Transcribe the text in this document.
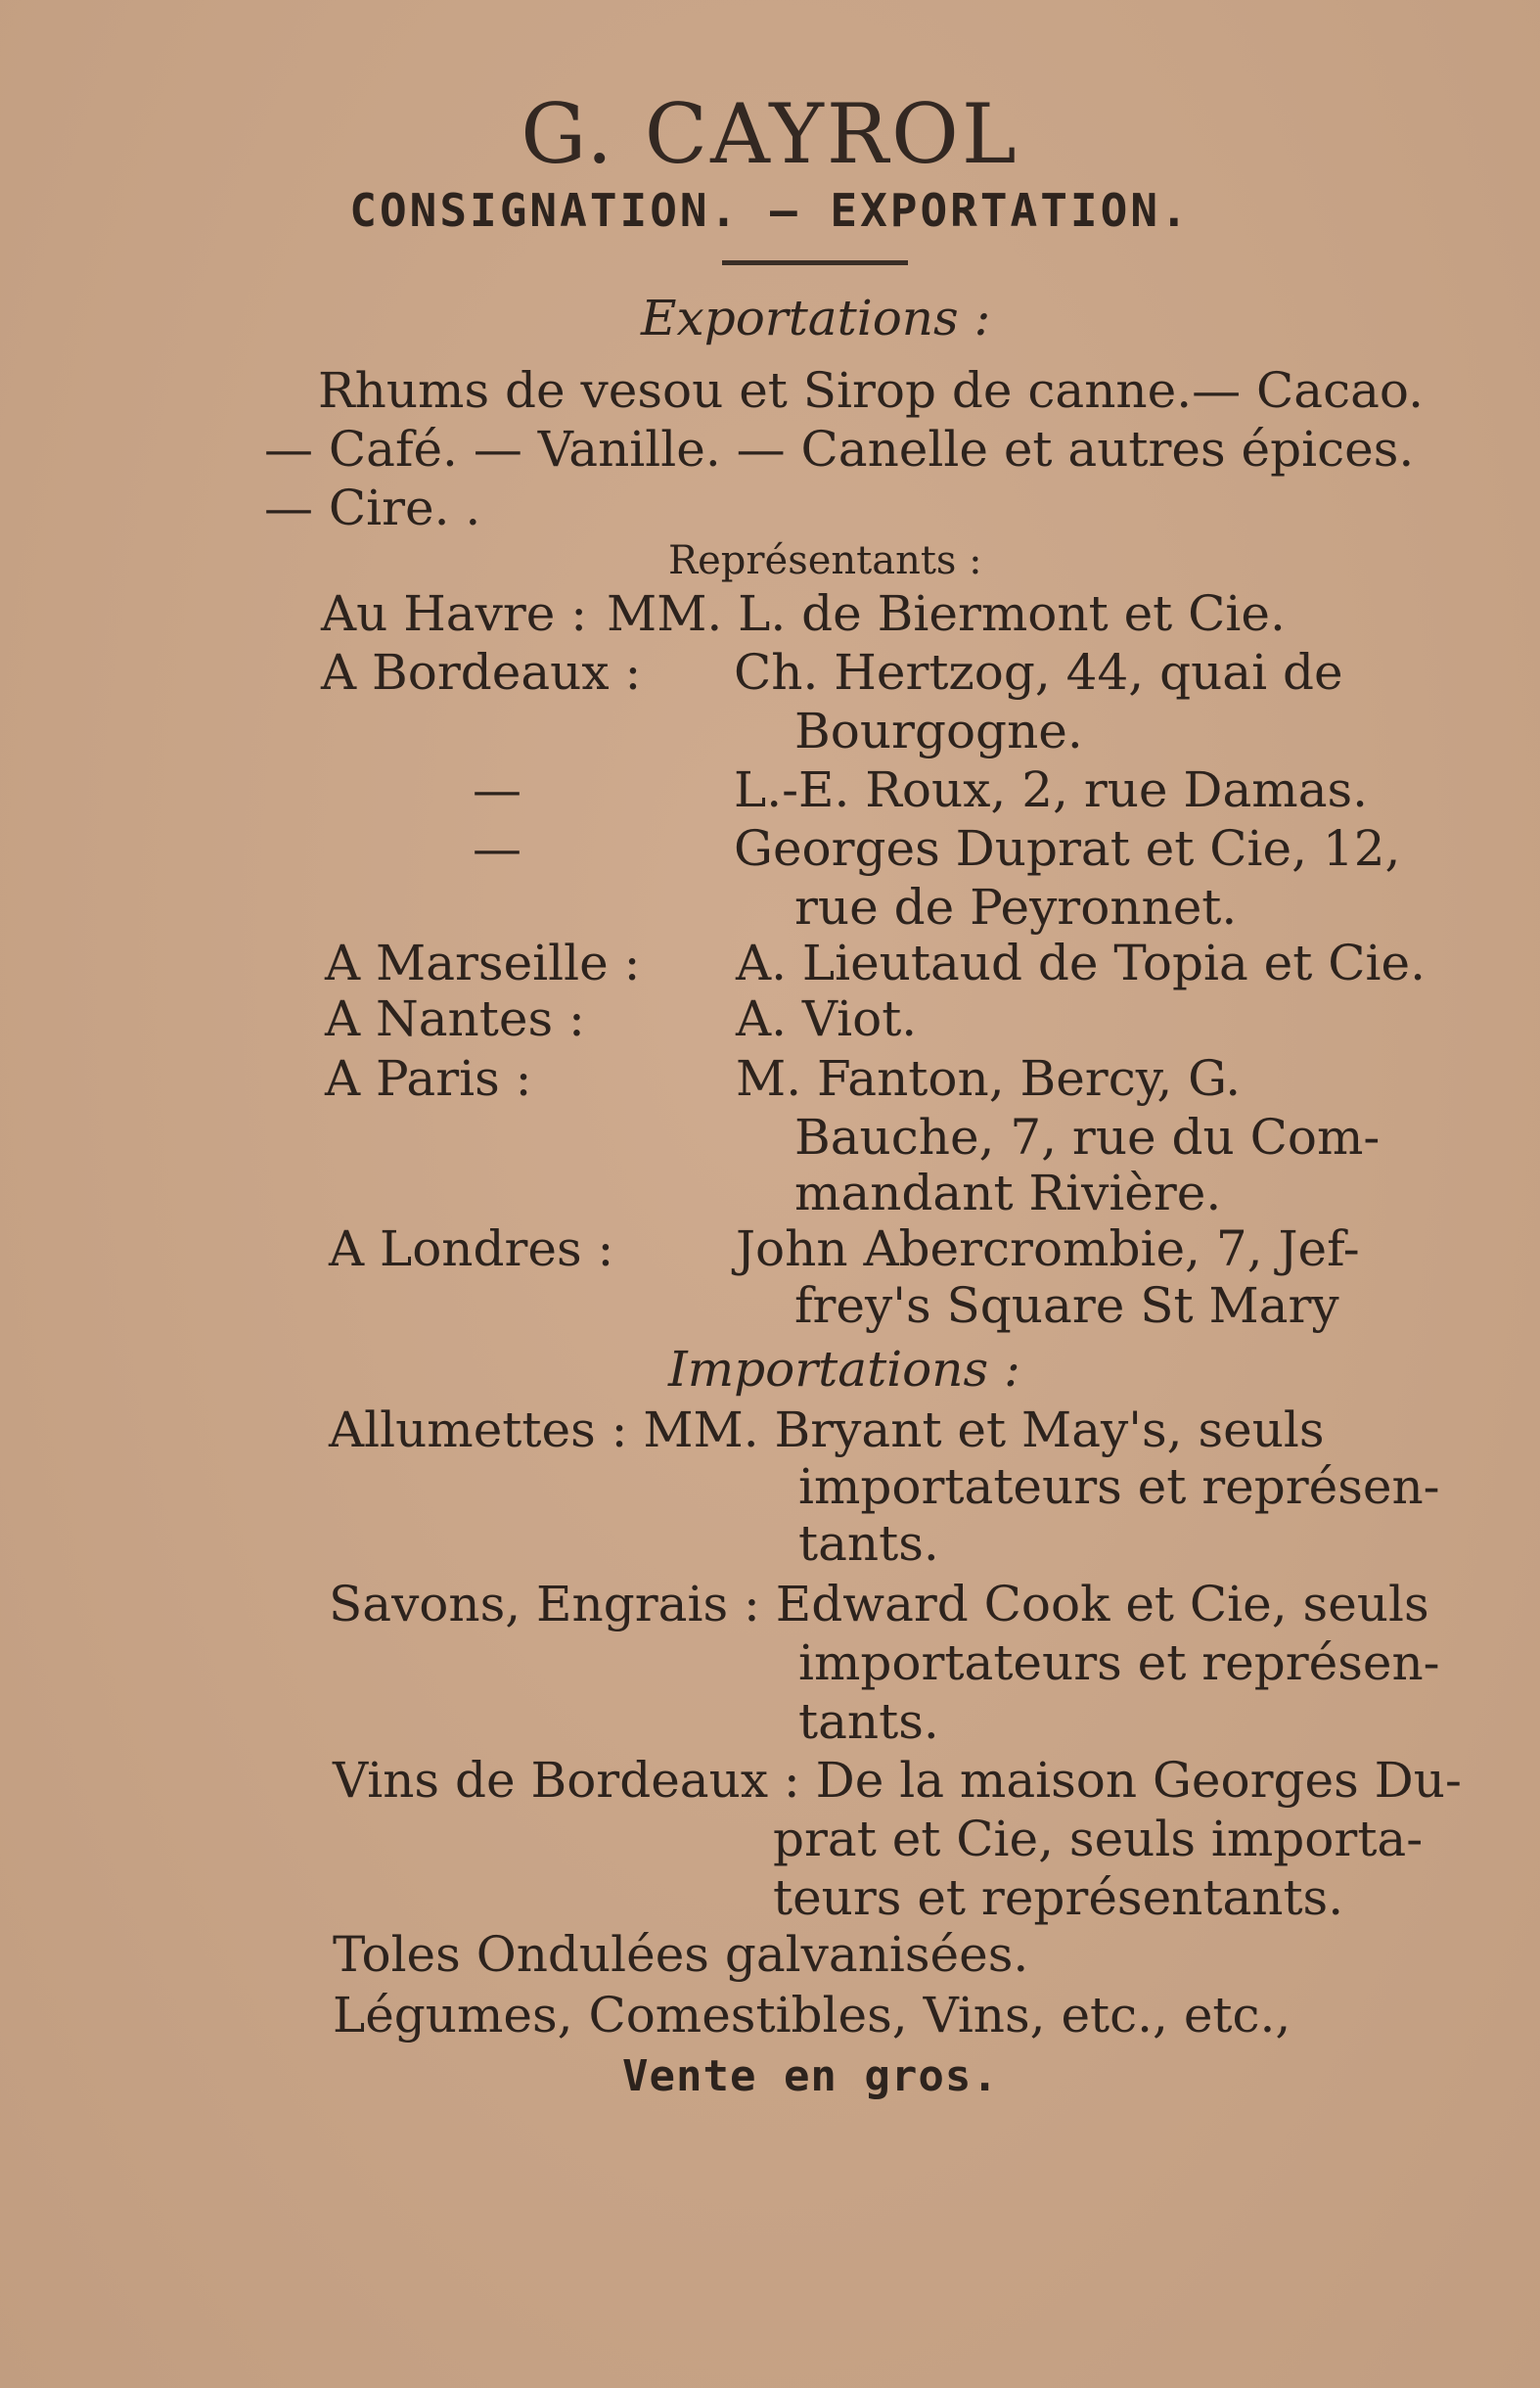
G. CAYROL
CONSIGNATION. — EXPORTATION.
Exportations :
Rhums de vesou et Sirop de canne.— Cacao.
— Café. — Vanille. — Canelle et autres épices.
— Cire. .
Représentants :
Au Havre : MM. L. de Biermont et Cie.
A Bordeaux : Ch. Hertzog, 44, quai de
Bourgogne.
—	L.-E. Roux, 2, rue Damas.
—	Georges Duprat et Cie, 12,
rue de Peyronnet.
A Marseille : A. Lieutaud de Topia et Cie.
A Nantes :	A. Viot.
A Paris :	M. Fanton, Bercy, G.
Bauche, 7, rue du Com-
mandant Rivière.
A Londres : John Abercrombie, 7, Jef-
frey's Square St Mary
Importations :
Allumettes : MM. Bryant et May's, seuls
importateurs et représen-
tants.
Savons, Engrais : Edward Cook et Cie, seuls
importateurs et représen-
tants.
Vins de Bordeaux : De la maison Georges Du-
prat et Cie, seuls importa-
teurs et représentants.
Toles Ondulées galvanisées.
Légumes, Comestibles, Vins, etc., etc.,
Vente en gros.
